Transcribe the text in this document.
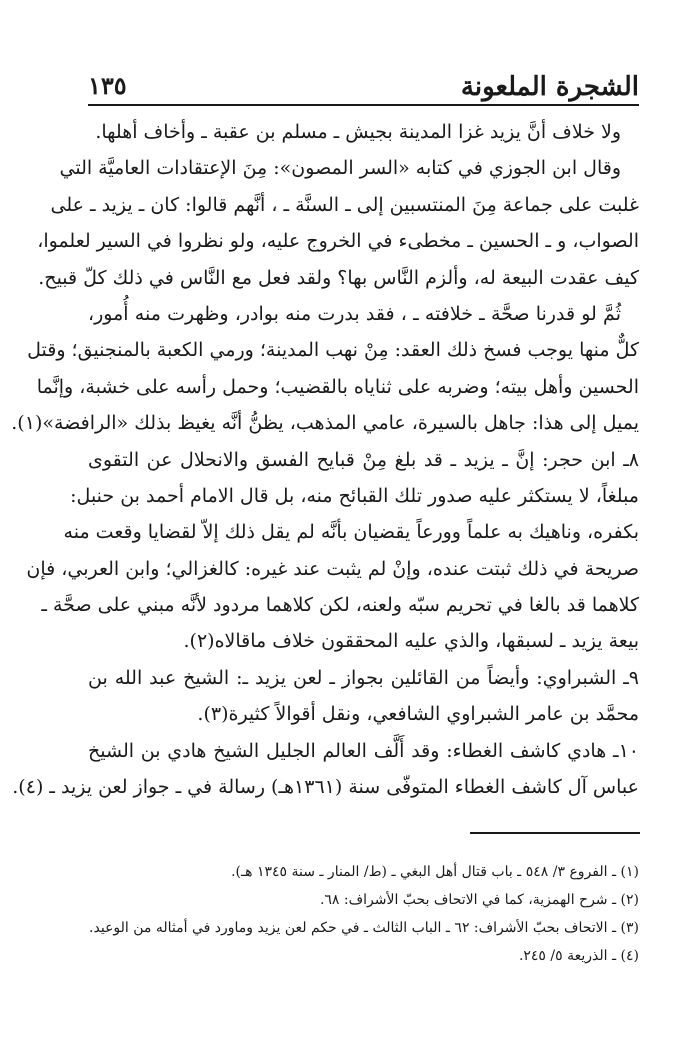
١٣٥	الشجرة الملعونة
ولا خلاف أنَّ يزيد غزا المدينة بجيش ـ مسلم بن عقبة ـ وأخاف أهلها.
وقال ابن الجوزي في كتابه «السر المصون»: مِنَ الإعتقادات العاميَّة التي
غلبت على جماعة مِنَ المنتسبين إلى ـ السنَّة ـ ، أنَّهم قالوا: كان ـ يزيد ـ على
الصواب، و ـ الحسين ـ مخطىء في الخروج عليه، ولو نظروا في السير لعلموا،
كيف عقدت البيعة له، وألزم النَّاس بها؟ ولقد فعل مع النَّاس في ذلك كلّ قبيح.
ثُمَّ لو قدرنا صحَّة ـ خلافته ـ ، فقد بدرت منه بوادر، وظهرت منه أُمور،
كلٌّ منها يوجب فسخ ذلك العقد: مِنْ نهب المدينة؛ ورمي الكعبة بالمنجنيق؛ وقتل
الحسين وأهل بيته؛ وضربه على ثناياه بالقضيب؛ وحمل رأسه على خشبة، وإنَّما
يميل إلى هذا: جاهل بالسيرة، عامي المذهب، يظنُّ أنَّه يغيظ بذلك «الرافضة»(١).
٨ـ ابن حجر: إنَّ ـ يزيد ـ قد بلغ مِنْ قبايح الفسق والانحلال عن التقوى
مبلغاً، لا يستكثر عليه صدور تلك القبائح منه، بل قال الامام أحمد بن حنبل:
بكفره، وناهيك به علماً وورعاً يقضيان بأنَّه لم يقل ذلك إلاّ لقضايا وقعت منه
صريحة في ذلك ثبتت عنده، وإنْ لم يثبت عند غيره: كالغزالي؛ وابن العربي، فإن
كلاهما قد بالغا في تحريم سبّه ولعنه، لكن كلاهما مردود لأنَّه مبني على صحَّة ـ
بيعة يزيد ـ لسبقها، والذي عليه المحققون خلاف ماقالاه(٢).
٩ـ الشبراوي: وأيضاً من القائلين بجواز ـ لعن يزيد ـ: الشيخ عبد الله بن
محمَّد بن عامر الشبراوي الشافعي، ونقل أقوالاً كثيرة(٣).
١٠ـ هادي كاشف الغطاء: وقد أَلَّف العالم الجليل الشيخ هادي بن الشيخ
عباس آل كاشف الغطاء المتوفّى سنة (١٣٦١هـ) رسالة في ـ جواز لعن يزيد ـ (٤).
(١) ـ الفروع ٣/ ٥٤٨ ـ باب قتال أهل البغي ـ (ط/ المنار ـ سنة ١٣٤٥ هـ).
(٢) ـ شرح الهمزية، كما في الاتحاف بحبّ الأشراف: ٦٨.
(٣) ـ الاتحاف بحبّ الأشراف: ٦٢ ـ الباب الثالث ـ في حكم لعن يزيد وماورد في أمثاله من الوعيد.
(٤) ـ الذريعة ٥/ ٢٤٥.
